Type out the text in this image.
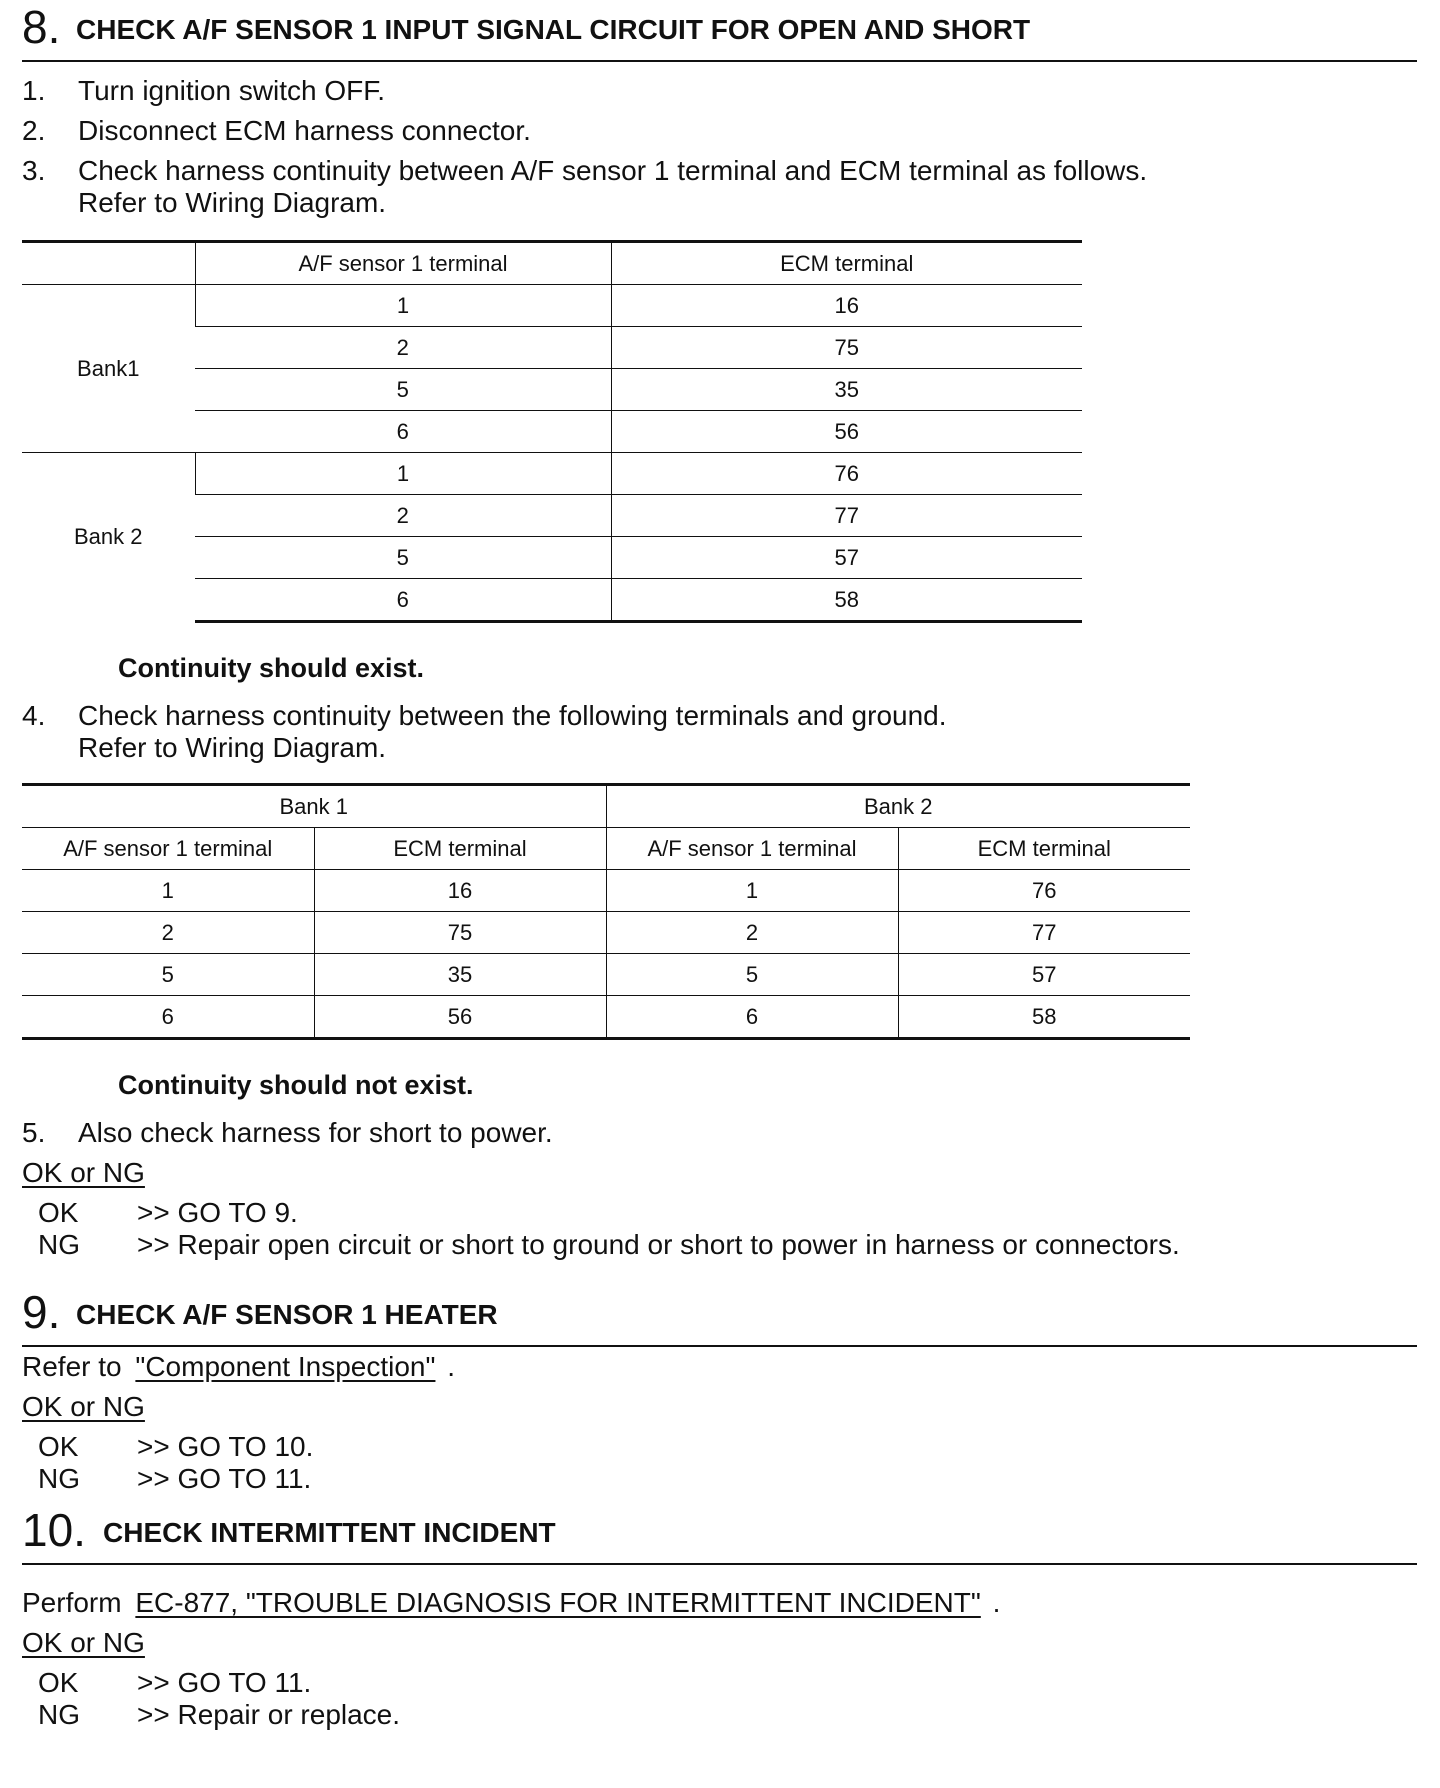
8. CHECK A/F SENSOR 1 INPUT SIGNAL CIRCUIT FOR OPEN AND SHORT
1. Turn ignition switch OFF.
2. Disconnect ECM harness connector.
3. Check harness continuity between A/F sensor 1 terminal and ECM terminal as follows.
Refer to Wiring Diagram.
	A/F sensor 1 terminal	ECM terminal
Bank1	1	16
	2	75
	5	35
	6	56
Bank 2	1	76
	2	77
	5	57
	6	58
Continuity should exist.
4. Check harness continuity between the following terminals and ground.
Refer to Wiring Diagram.
Bank 1		Bank 2	
A/F sensor 1 terminal	ECM terminal	A/F sensor 1 terminal	ECM terminal
1	16	1	76
2	75	2	77
5	35	5	57
6	56	6	58
Continuity should not exist.
5. Also check harness for short to power.
OK or NG
OK >> GO TO 9.
NG >> Repair open circuit or short to ground or short to power in harness or connectors.
9. CHECK A/F SENSOR 1 HEATER
Refer to "Component Inspection" .
OK or NG
OK >> GO TO 10.
NG >> GO TO 11.
10. CHECK INTERMITTENT INCIDENT
Perform EC-877, "TROUBLE DIAGNOSIS FOR INTERMITTENT INCIDENT" .
OK or NG
OK >> GO TO 11.
NG >> Repair or replace.
